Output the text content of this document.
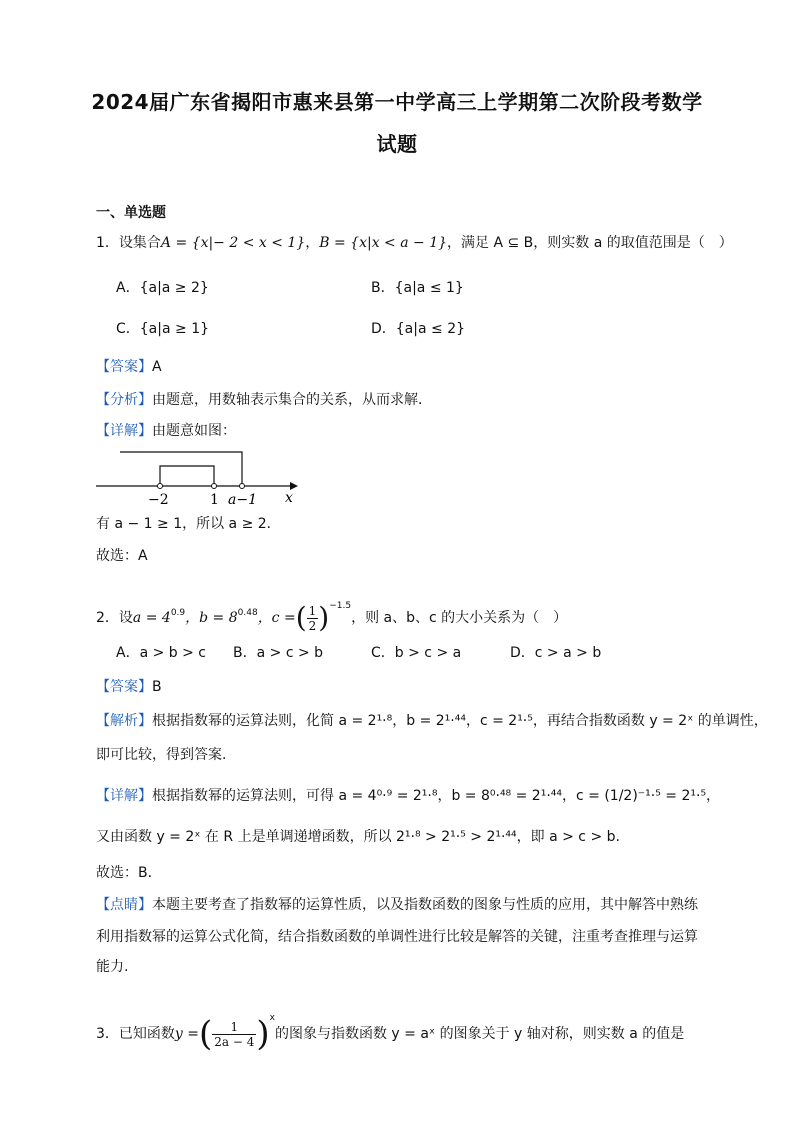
2024届广东省揭阳市惠来县第一中学高三上学期第二次阶段考数学
试题
一、单选题
1．设集合A = {x|− 2 < x < 1}，B = {x|x < a − 1}，满足 A ⊆ B，则实数 a 的取值范围是（　）
A．{a|a ≥ 2}	B．{a|a ≤ 1}
C．{a|a ≥ 1}	D．{a|a ≤ 2}
【答案】A
【分析】由题意，用数轴表示集合的关系，从而求解．
【详解】由题意如图：
−2	1 a−1 x
有 a − 1 ≥ 1，所以 a ≥ 2．
故选：A
2．设$a = 4^{0.9}$，$b = 8^{0.48}$，c =( $\frac{1}{2} )^{-1.5}$，则 a、b、c 的大小关系为（　）
A．a > b > c B．a > c > b	C．b > c > a	D．c > a > b
【答案】B
【解析】根据指数幂的运算法则，化简 a = 2¹·⁸，b = 2¹·⁴⁴，c = 2¹·⁵，再结合指数函数 y = 2ˣ 的单调性，
即可比较，得到答案.
【详解】根据指数幂的运算法则，可得 a = 4⁰·⁹ = 2¹·⁸，b = 8⁰·⁴⁸ = 2¹·⁴⁴，c = (1/2)⁻¹·⁵ = 2¹·⁵，
又由函数 y = 2ˣ 在 R 上是单调递增函数，所以 2¹·⁸ > 2¹·⁵ > 2¹·⁴⁴，即 a > c > b.
故选：B．
【点睛】本题主要考查了指数幂的运算性质，以及指数函数的图象与性质的应用，其中解答中熟练
利用指数幂的运算公式化简，结合指数函数的单调性进行比较是解答的关键，注重考查推理与运算
能力.
3．已知函数y =( $\frac{1}{2a - 4} )^x$的图象与指数函数 y = aˣ 的图象关于 y 轴对称，则实数 a 的值是
